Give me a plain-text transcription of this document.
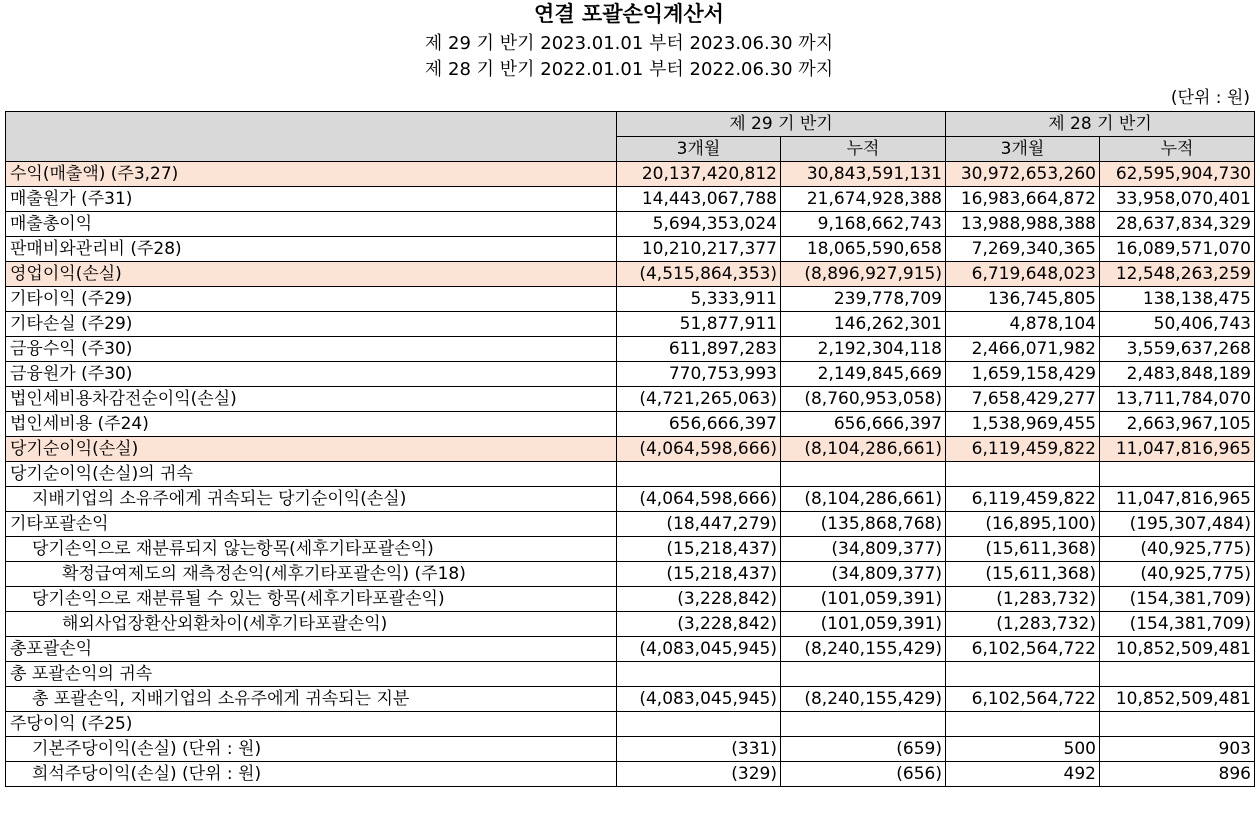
연결 포괄손익계산서
제 29 기 반기 2023.01.01 부터 2023.06.30 까지
제 28 기 반기 2022.01.01 부터 2022.06.30 까지
(단위 : 원)
	제 29 기 반기		제 28 기 반기	
	3개월	누적	3개월	누적
수익(매출액) (주3,27)	20,137,420,812	30,843,591,131	30,972,653,260	62,595,904,730
매출원가 (주31)	14,443,067,788	21,674,928,388	16,983,664,872	33,958,070,401
매출총이익	5,694,353,024	9,168,662,743	13,988,988,388	28,637,834,329
판매비와관리비 (주28)	10,210,217,377	18,065,590,658	7,269,340,365	16,089,571,070
영업이익(손실)	(4,515,864,353)	(8,896,927,915)	6,719,648,023	12,548,263,259
기타이익 (주29)	5,333,911	239,778,709	136,745,805	138,138,475
기타손실 (주29)	51,877,911	146,262,301	4,878,104	50,406,743
금융수익 (주30)	611,897,283	2,192,304,118	2,466,071,982	3,559,637,268
금융원가 (주30)	770,753,993	2,149,845,669	1,659,158,429	2,483,848,189
법인세비용차감전순이익(손실)	(4,721,265,063)	(8,760,953,058)	7,658,429,277	13,711,784,070
법인세비용 (주24)	656,666,397	656,666,397	1,538,969,455	2,663,967,105
당기순이익(손실)	(4,064,598,666)	(8,104,286,661)	6,119,459,822	11,047,816,965
당기순이익(손실)의 귀속				
지배기업의 소유주에게 귀속되는 당기순이익(손실)	(4,064,598,666)	(8,104,286,661)	6,119,459,822	11,047,816,965
기타포괄손익	(18,447,279)	(135,868,768)	(16,895,100)	(195,307,484)
당기손익으로 재분류되지 않는항목(세후기타포괄손익)	(15,218,437)	(34,809,377)	(15,611,368)	(40,925,775)
확정급여제도의 재측정손익(세후기타포괄손익) (주18)	(15,218,437)	(34,809,377)	(15,611,368)	(40,925,775)
당기손익으로 재분류될 수 있는 항목(세후기타포괄손익)	(3,228,842)	(101,059,391)	(1,283,732)	(154,381,709)
해외사업장환산외환차이(세후기타포괄손익)	(3,228,842)	(101,059,391)	(1,283,732)	(154,381,709)
총포괄손익	(4,083,045,945)	(8,240,155,429)	6,102,564,722	10,852,509,481
총 포괄손익의 귀속				
총 포괄손익, 지배기업의 소유주에게 귀속되는 지분	(4,083,045,945)	(8,240,155,429)	6,102,564,722	10,852,509,481
주당이익 (주25)				
기본주당이익(손실) (단위 : 원)	(331)	(659)	500	903
희석주당이익(손실) (단위 : 원)	(329)	(656)	492	896
